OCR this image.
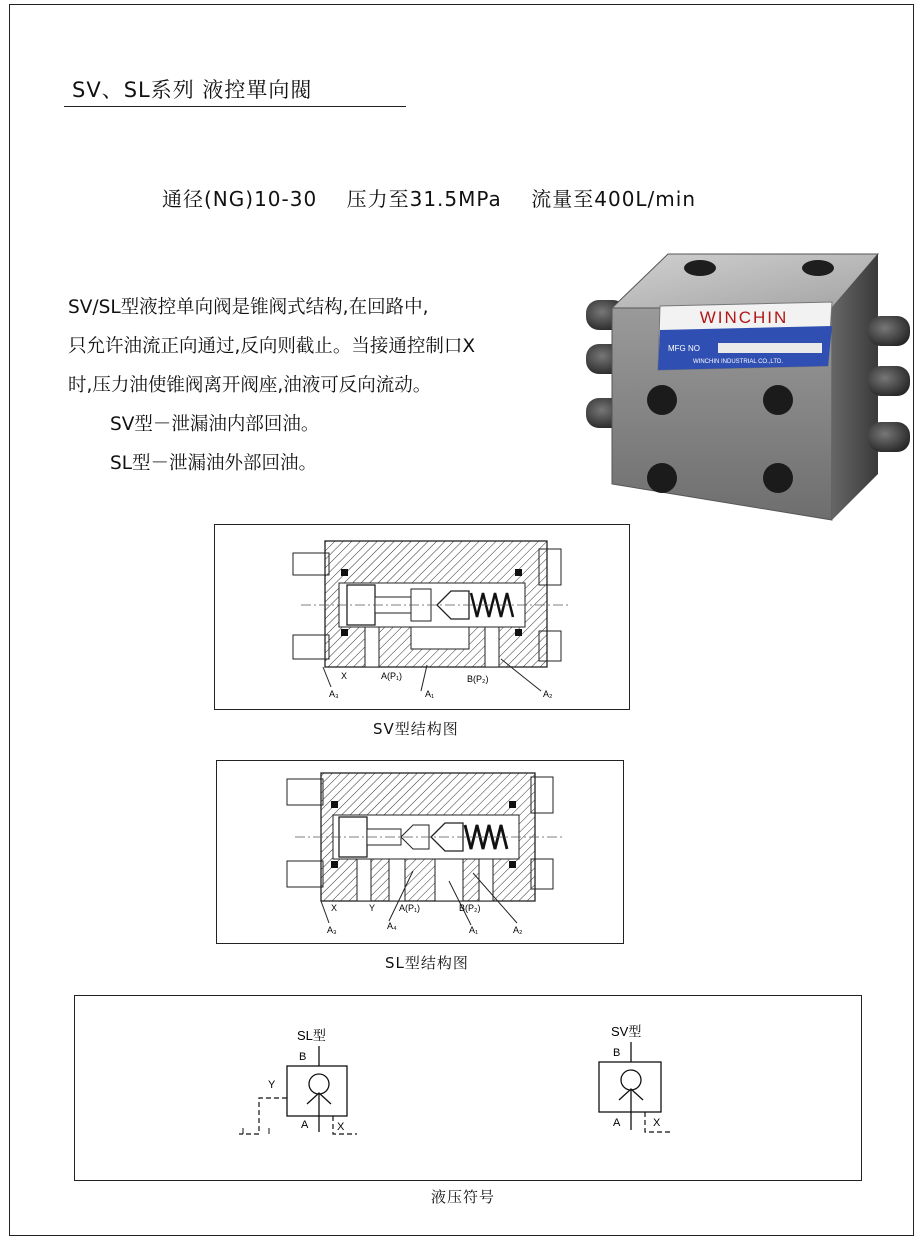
SV、SL系列 液控單向閥
通径(NG)10-30    压力至31.5MPa    流量至400L/min
SV/SL型液控单向阀是锥阀式结构,在回路中,
只允许油流正向通过,反向则截止。当接通控制口X
时,压力油使锥阀离开阀座,油液可反向流动。
SV型－泄漏油内部回油。
SL型－泄漏油外部回油。
WINCHIN
MFG NO
WINCHIN INDUSTRIAL CO.,LTD.
X	A(P₁)	B(P₂)
A₃	A₁	A₂
SV型结构图
X	Y	A(P₁)	B(P₂)
A₃	A₄	A₁	A₂
SL型结构图
SL型
B
A
Y
X
SV型
B
A	X
液压符号
